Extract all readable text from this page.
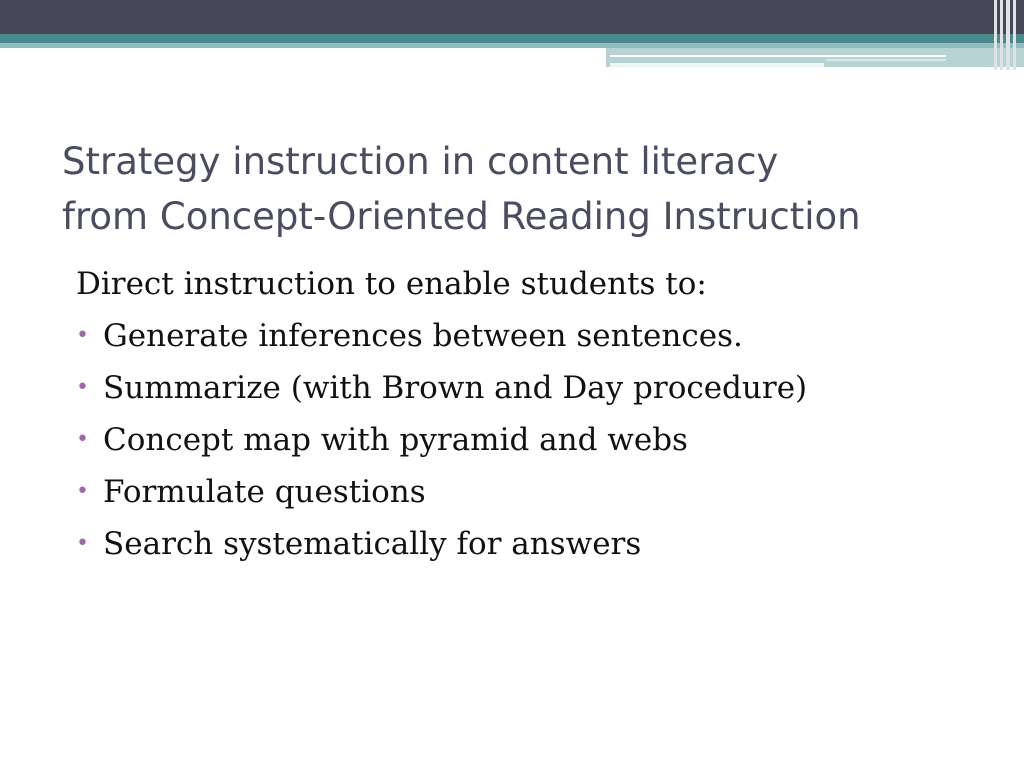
Strategy instruction in content literacy
from Concept-Oriented Reading Instruction

Direct instruction to enable students to:

• Generate inferences between sentences.
• Summarize (with Brown and Day procedure)
• Concept map with pyramid and webs
• Formulate questions
• Search systematically for answers
